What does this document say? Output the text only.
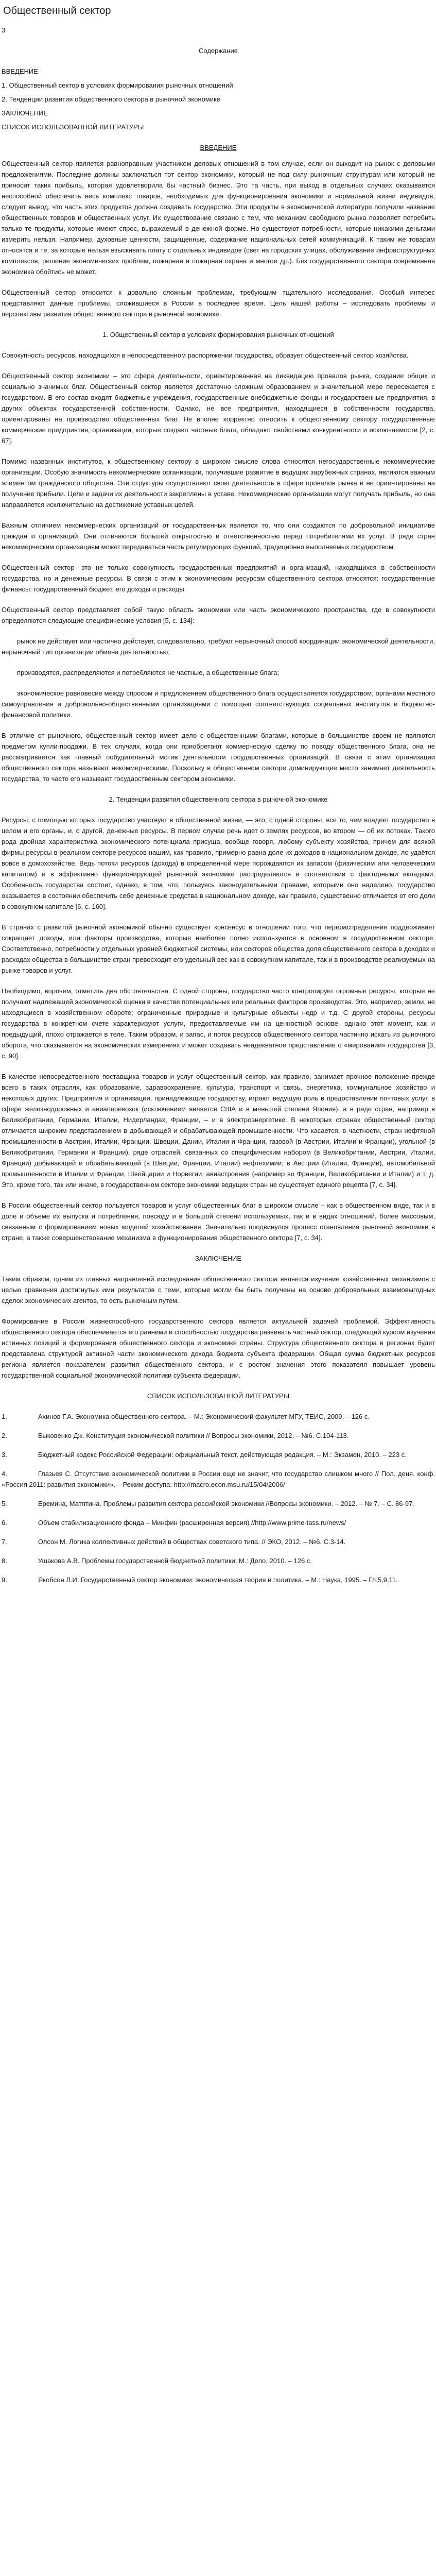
Общественный сектор
3
Содержание
ВВЕДЕНИЕ
1. Общественный сектор в условиях формирования рыночных отношений
2. Тенденции развития общественного сектора в рыночной экономике
ЗАКЛЮЧЕНИЕ
СПИСОК ИСПОЛЬЗОВАННОЙ ЛИТЕРАТУРЫ
ВВЕДЕНИЕ
Общественный сектор является равноправным участником деловых отношений в том случае, если он выходит на рынок с деловыми предложениями. Последние должны заключаться тот сектор экономики, который не под силу рыночным структурам или который не приносит таких прибыль, которая удовлетворила бы частный бизнес. Это та часть, при выход в отдельных случаях оказывается неспособной обеспечить весь комплекс товаров, необходимых для функционирования экономики и нормальной жизни индивидов, следует вывод, что часть этих продуктов должна создавать государство. Эти продукты в экономической литературе получили название общественных товаров и общественных услуг. Их существование связано с тем, что механизм свободного рынка позволяет потребить только те продукты, которые имеют спрос, выражаемый в денежной форме. Но существуют потребности, которые никакими деньгами измерить нельзя. Например, духовные ценности, защищенные, содержание национальных сетей коммуникаций. К таким же товарам относятся и те, за которые нельзя взыскивать плату с отдельных индивидов (свет на городских улицах, обслуживание инфраструктурных комплексов, решение экономических проблем, пожарная и пожарная охрана и многое др.). Без государственного сектора современная экономика обойтись не может.
Общественный сектор относится к довольно сложным проблемам, требующим тщательного исследования. Особый интерес представляют данные проблемы, сложившиеся в России в последнее время. Цель нашей работы – исследовать проблемы и перспективы развития общественного сектора в рыночной экономике.
1. Общественный сектор в условиях формирования рыночных отношений
Совокупность ресурсов, находящихся в непосредственном распоряжении государства, образует общественный сектор хозяйства.
Общественный сектор экономики – это сфера деятельности, ориентированная на ликвидацию провалов рынка, создание общих и социально значимых благ. Общественный сектор является достаточно сложным образованием и значительной мере пересекается с государством. В его состав входят бюджетные учреждения, государственные внебюджетные фонды и государственные предприятия, в других объектах государственной собственности. Однако, не все предприятия, находящиеся в собственности государства, ориентированы на производство общественных благ. Не вполне корректно относить к общественному сектору государственные коммерческие предприятия, организации, которые создают частные блага, обладают свойствами конкурентности и исключаемости [2, с. 67].
Помимо названных институтов, к общественному сектору в широком смысле слова относятся негосударственные некоммерческие организации. Особую значимость некоммерческие организации, получившие развитие в ведущих зарубежных странах, являются важным элементом гражданского общества. Эти структуры осуществляют свою деятельность в сфере провалов рынка и не ориентированы на получение прибыли. Цели и задачи их деятельности закреплены в уставе. Некоммерческие организации могут получать прибыль, но она направляется исключительно на достижение уставных целей.
Важным отличием некоммерческих организаций от государственных является то, что они создаются по добровольной инициативе граждан и организаций. Они отличаются большей открытостью и ответственностью перед потребителями их услуг. В ряде стран некоммерческим организациям может передаваться часть регулирующих функций, традиционно выполняемых государством.
Общественный сектор- это не только совокупность государственных предприятий и организаций, находящихся в собственности государства, но и денежные ресурсы. В связи с этим к экономическим ресурсам общественного сектора относятся: государственные финансы: государственный бюджет, его доходы и расходы.
Общественный сектор представляет собой такую область экономики или часть экономического пространства, где в совокупности определяются следующие специфические условия [5, с. 134]:
рынок не действует или частично действует, следовательно, требуют нерыночный способ координации экономической деятельности, нерыночный тип организации обмена деятельностью;
производятся, распределяются и потребляются не частные, а общественные блага;
экономическое равновесие между спросом и предложением общественного блага осуществляется государством, органами местного самоуправления и добровольно-общественными организациями с помощью соответствующих социальных институтов и бюджетно-финансовой политики.
В отличие от рыночного, общественный сектор имеет дело с общественными благами, которые в большинстве своем не являются предметом купли-продажи. В тех случаях, когда они приобретают коммерческую сделку по поводу общественного блага, она не рассматривается как главный побудительный мотив деятельности государственных организаций. В связи с этим организации общественного сектора называют некоммерческими. Поскольку в общественном секторе доминирующее место занимает деятельность государства, то часто его называют государственным сектором экономики.
2. Тенденции развития общественного сектора в рыночной экономике
Ресурсы, с помощью которых государство участвует в общественной жизни, — это, с одной стороны, все то, чем владеет государство в целом и его органы, и, с другой, денежные ресурсы. В первом случае речь идет о землях ресурсов, во втором — об их потоках. Такого рода двойная характеристика экономического потенциала присуща, вообще говоря, любому субъекту хозяйства, причем для всякой фирмы ресурсы в реальном секторе ресурсов нашим, как правило, примерно равна доле их доходов в национальном доходе, ло удаётся вовсе в домохозяйстве. Ведь потоки ресурсов (дохода) в определенной мере порождаются их запасом (физическим или человеческим капиталом) и в эффективно функционирующей рыночной экономике распределяются в соответствии с факторными вкладами. Особенность государства состоит, однако, в том, что, пользуясь законодательными правами, которыми оно наделено, государство оказывается в состоянии обеспечить себе денежные средства в национальном доходе, как правило, существенно отличается от его доли в совокупном капитале [6, с. 160].
В странах с развитой рыночной экономикой обычно существует консенсус в отношении того, что перераспределение поддерживает сокращает доходы, или факторы производства, которые наиболее полно используются в основном в государственном секторе. Соответственно, потребности у отдельных уровней бюджетной системы, или секторов общества доля общественного сектора в доходах и расходах общества в большинстве стран превосходит его удельный вес как в совокупном капитале, так и в производстве реализуемых на рынке товаров и услуг.
Необходимо, впрочем, отметить два обстоятельства. С одной стороны, государство часто контролирует огромные ресурсы, которые не получают надлежащей экономической оценки в качестве потенциальных или реальных факторов производства. Это, например, земли, не находящиеся в хозяйственном обороте; ограниченные природные и культурные объекты недр и т.д. С другой стороны, ресурсы государства в конкретном счете характеризуют услуги, предоставляемые им на ценностной основе, однако этот момент, как и предыдущий, плохо отражается в теле. Таким образом, и запас, и поток ресурсов общественного сектора частично искать из рыночного оборота, что сказывается на экономических измерениях и может создавать неадекватное представление о «мировании» государства [3, с. 90].
В качестве непосредственного поставщика товаров и услуг общественный сектор, как правило, занимает прочное положение прежде всего в таких отраслях, как образование, здравоохранение, культура, транспорт и связь, энергетика, коммунальное хозяйство и некоторых других. Предприятия и организации, принадлежащие государству, играют ведущую роль в предоставлении почтовых услуг, в сфере железнодорожных и авиаперевозок (исключением является США и в меньшей степени Япония), а в ряде стран, например в Великобритании, Германии, Италии, Нидерландах, Франции, – и в электроэнергетике. В некоторых странах общественный сектор отличается широким представлением в добывающей и обрабатывающей промышленности. Что касается, в частности, стран нефтяной промышленности в Австрии, Италии, Франции, Швеции, Дании, Италии и Франции, газовой (в Австрии, Италии и Франции), угольной (в Великобритании, Германии и Франции), ряде отраслей, связанных со специфическим набором (в Великобритании, Австрии, Италии, Франции) добывающей и обрабатывающей (в Швеции, Франции, Италии) нефтехимии; в Австрии (Италии, Франции), автомобильной промышленности в Италии и Франции, Швейцарии и Норвегии; авиастроения (например во Франции, Великобритании и Италии) и т. д. Это, кроме того, так или иначе, в государственном секторе экономики ведущих стран не существует единого рецепта [7, с. 34].
В России общественный сектор пользуется товаров и услуг общественных благ в широком смысле – как в общественном виде, так и в доле и объеме их выпуска и потребления, повсюду и в большой степени используемых, так и в видах отношений, более массовым, связанным с формированием новых моделей хозяйствования. Значительно продвинулся процесс становления рыночной экономики в стране, а также совершенствование механизма в функционирования общественного сектора [7, с. 34].
ЗАКЛЮЧЕНИЕ
Таким образом, одним из главных направлений исследования общественного сектора является изучение хозяйственных механизмов с целью сравнения достигнутых ими результатов с теми, которые могли бы быть получены на основе добровольных взаимовыгодных сделок экономических агентов, то есть рыночным путем.
Формирование в России жизнеспособного государственного сектора является актуальной задачей проблемой. Эффективность общественного сектора обеспечивается его ранними и способностью государства развивать частный сектор, следующий курсом изучения истинных позиций и формирования общественного сектора и экономике страны. Структура общественного сектора в регионах будет представлена структурой активной части экономического дохода бюджета субъекта федерации. Общая сумма бюджетных ресурсов региона является показателем развития общественного сектора, и с ростом значения этого показателя повышает уровень государственной социальной экономической политики субъекта федерации.
СПИСОК ИСПОЛЬЗОВАННОЙ ЛИТЕРАТУРЫ
1.	Ахинов Г.А. Экономика общественного сектора. – М.: Экономический факультет МГУ, ТЕИС, 2009. – 126 с.
2.	Быковенко Дж. Конституция экономической политики // Вопросы экономики, 2012. – №6. С.104-113.
3.	Бюджетный кодекс Российской Федерации: официальный текст, действующая редакция. – М.: Экзамен, 2010. – 223 с.
4.	Глазьев С. Отсутствие экономической политики в России еще не значит, что государство слишком много // Пол. деня. конф. «Россия 2011: развития экономики». – Режим доступа: http://macro.econ.msu.ru/15/04/2006/
5.	Еремина, Матятина. Проблемы развития сектора российской экономики //Вопросы экономики. – 2012. – № 7. – С. 86-97.
6.	Объем стабилизационного фонда – Минфин (расширенная версия) //http://www.prime-tass.ru/news/
7.	Олсон М. Логика коллективных действий в обществах советского типа. // ЭКО, 2012. – №6. С.3-14.
8.	Ушакова А.В. Проблемы государственной бюджетной политики: М.: Дело, 2010. – 126 с.
9.	Якобсон Л.И. Государственный сектор экономики: экономическая теория и политика. – М.: Наука, 1995. – Гл.5,9,11.
